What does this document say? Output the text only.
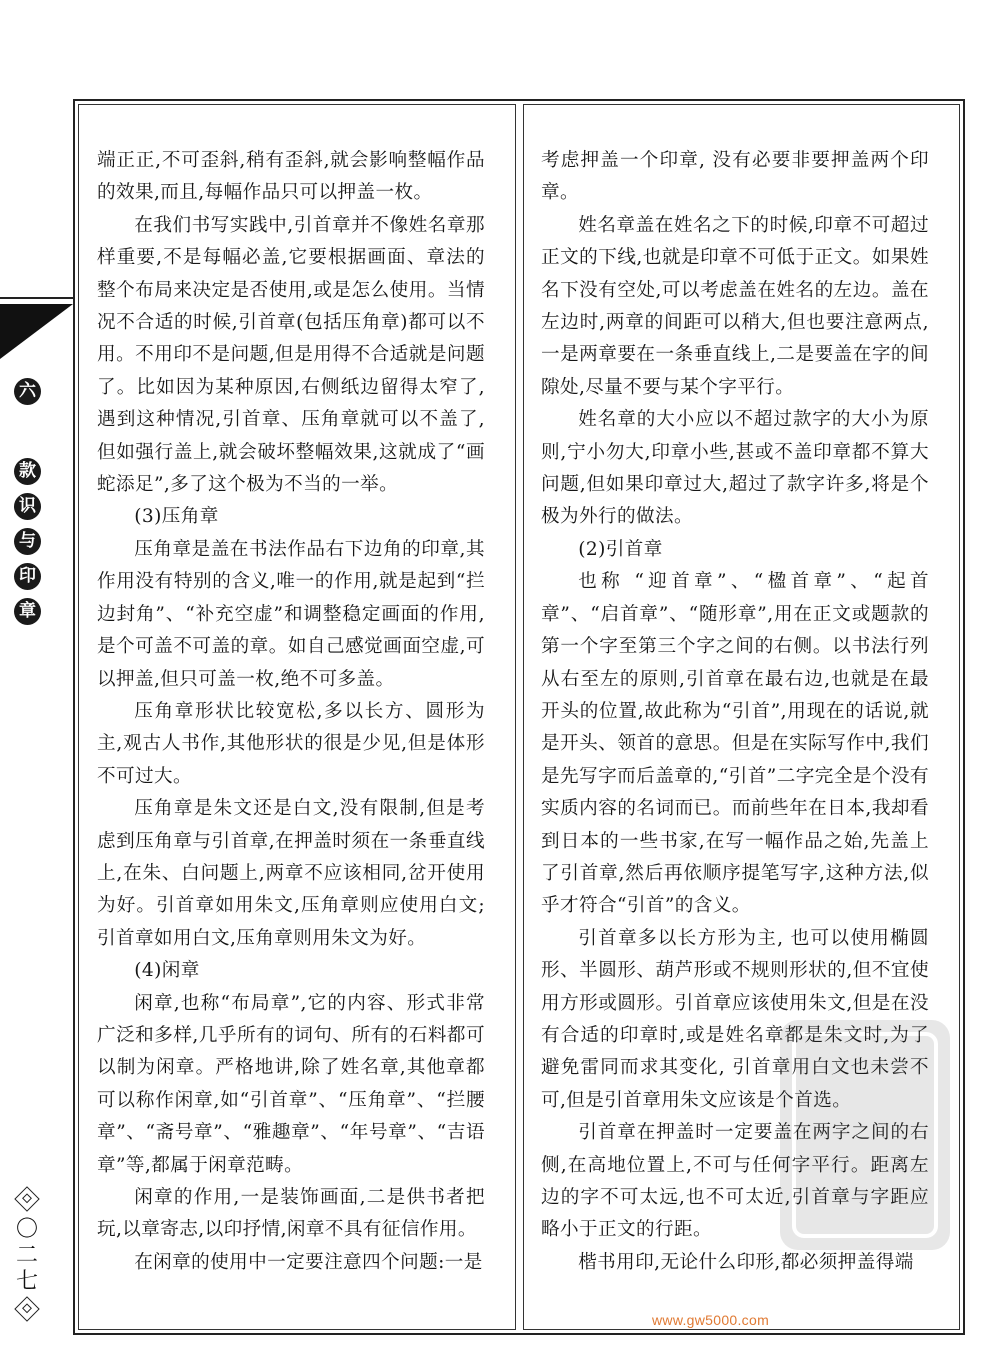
六
款
识
与
印
章
〇
二
七

端正正,不可歪斜,稍有歪斜,就会影响整幅作品的效果,而且,每幅作品只可以押盖一枚。

在我们书写实践中,引首章并不像姓名章那样重要,不是每幅必盖,它要根据画面、章法的整个布局来决定是否使用,或是怎么使用。当情况不合适的时候,引首章(包括压角章)都可以不用。不用印不是问题,但是用得不合适就是问题了。比如因为某种原因,右侧纸边留得太窄了,遇到这种情况,引首章、压角章就可以不盖了,但如强行盖上,就会破坏整幅效果,这就成了“画蛇添足”,多了这个极为不当的一举。

(3)压角章

压角章是盖在书法作品右下边角的印章,其作用没有特别的含义,唯一的作用,就是起到“拦边封角”、“补充空虚”和调整稳定画面的作用,是个可盖不可盖的章。如自己感觉画面空虚,可以押盖,但只可盖一枚,绝不可多盖。

压角章形状比较宽松,多以长方、圆形为主,观古人书作,其他形状的很是少见,但是体形不可过大。

压角章是朱文还是白文,没有限制,但是考虑到压角章与引首章,在押盖时须在一条垂直线上,在朱、白问题上,两章不应该相同,岔开使用为好。引首章如用朱文,压角章则应使用白文;引首章如用白文,压角章则用朱文为好。

(4)闲章

闲章,也称“布局章”,它的内容、形式非常广泛和多样,几乎所有的词句、所有的石料都可以制为闲章。严格地讲,除了姓名章,其他章都可以称作闲章,如“引首章”、“压角章”、“拦腰章”、“斋号章”、“雅趣章”、“年号章”、“吉语章”等,都属于闲章范畴。

闲章的作用,一是装饰画面,二是供书者把玩,以章寄志,以印抒情,闲章不具有征信作用。

在闲章的使用中一定要注意四个问题:一是

考虑押盖一个印章, 没有必要非要押盖两个印章。

姓名章盖在姓名之下的时候,印章不可超过正文的下线,也就是印章不可低于正文。如果姓名下没有空处,可以考虑盖在姓名的左边。盖在左边时,两章的间距可以稍大,但也要注意两点,一是两章要在一条垂直线上,二是要盖在字的间隙处,尽量不要与某个字平行。

姓名章的大小应以不超过款字的大小为原则,宁小勿大,印章小些,甚或不盖印章都不算大问题,但如果印章过大,超过了款字许多,将是个极为外行的做法。

(2)引首章

也称 “迎首章”、“楹首章”、“起首章”、“启首章”、“随形章”,用在正文或题款的第一个字至第三个字之间的右侧。以书法行列从右至左的原则,引首章在最右边,也就是在最开头的位置,故此称为“引首”,用现在的话说,就是开头、领首的意思。但是在实际写作中,我们是先写字而后盖章的,“引首”二字完全是个没有实质内容的名词而已。而前些年在日本,我却看到日本的一些书家,在写一幅作品之始,先盖上了引首章,然后再依顺序提笔写字,这种方法,似乎才符合“引首”的含义。

引首章多以长方形为主, 也可以使用椭圆形、半圆形、葫芦形或不规则形状的,但不宜使用方形或圆形。引首章应该使用朱文,但是在没有合适的印章时,或是姓名章都是朱文时,为了避免雷同而求其变化, 引首章用白文也未尝不可,但是引首章用朱文应该是个首选。

引首章在押盖时一定要盖在两字之间的右侧,在高地位置上,不可与任何字平行。距离左边的字不可太远,也不可太近,引首章与字距应略小于正文的行距。

楷书用印,无论什么印形,都必须押盖得端

www.gw5000.com
